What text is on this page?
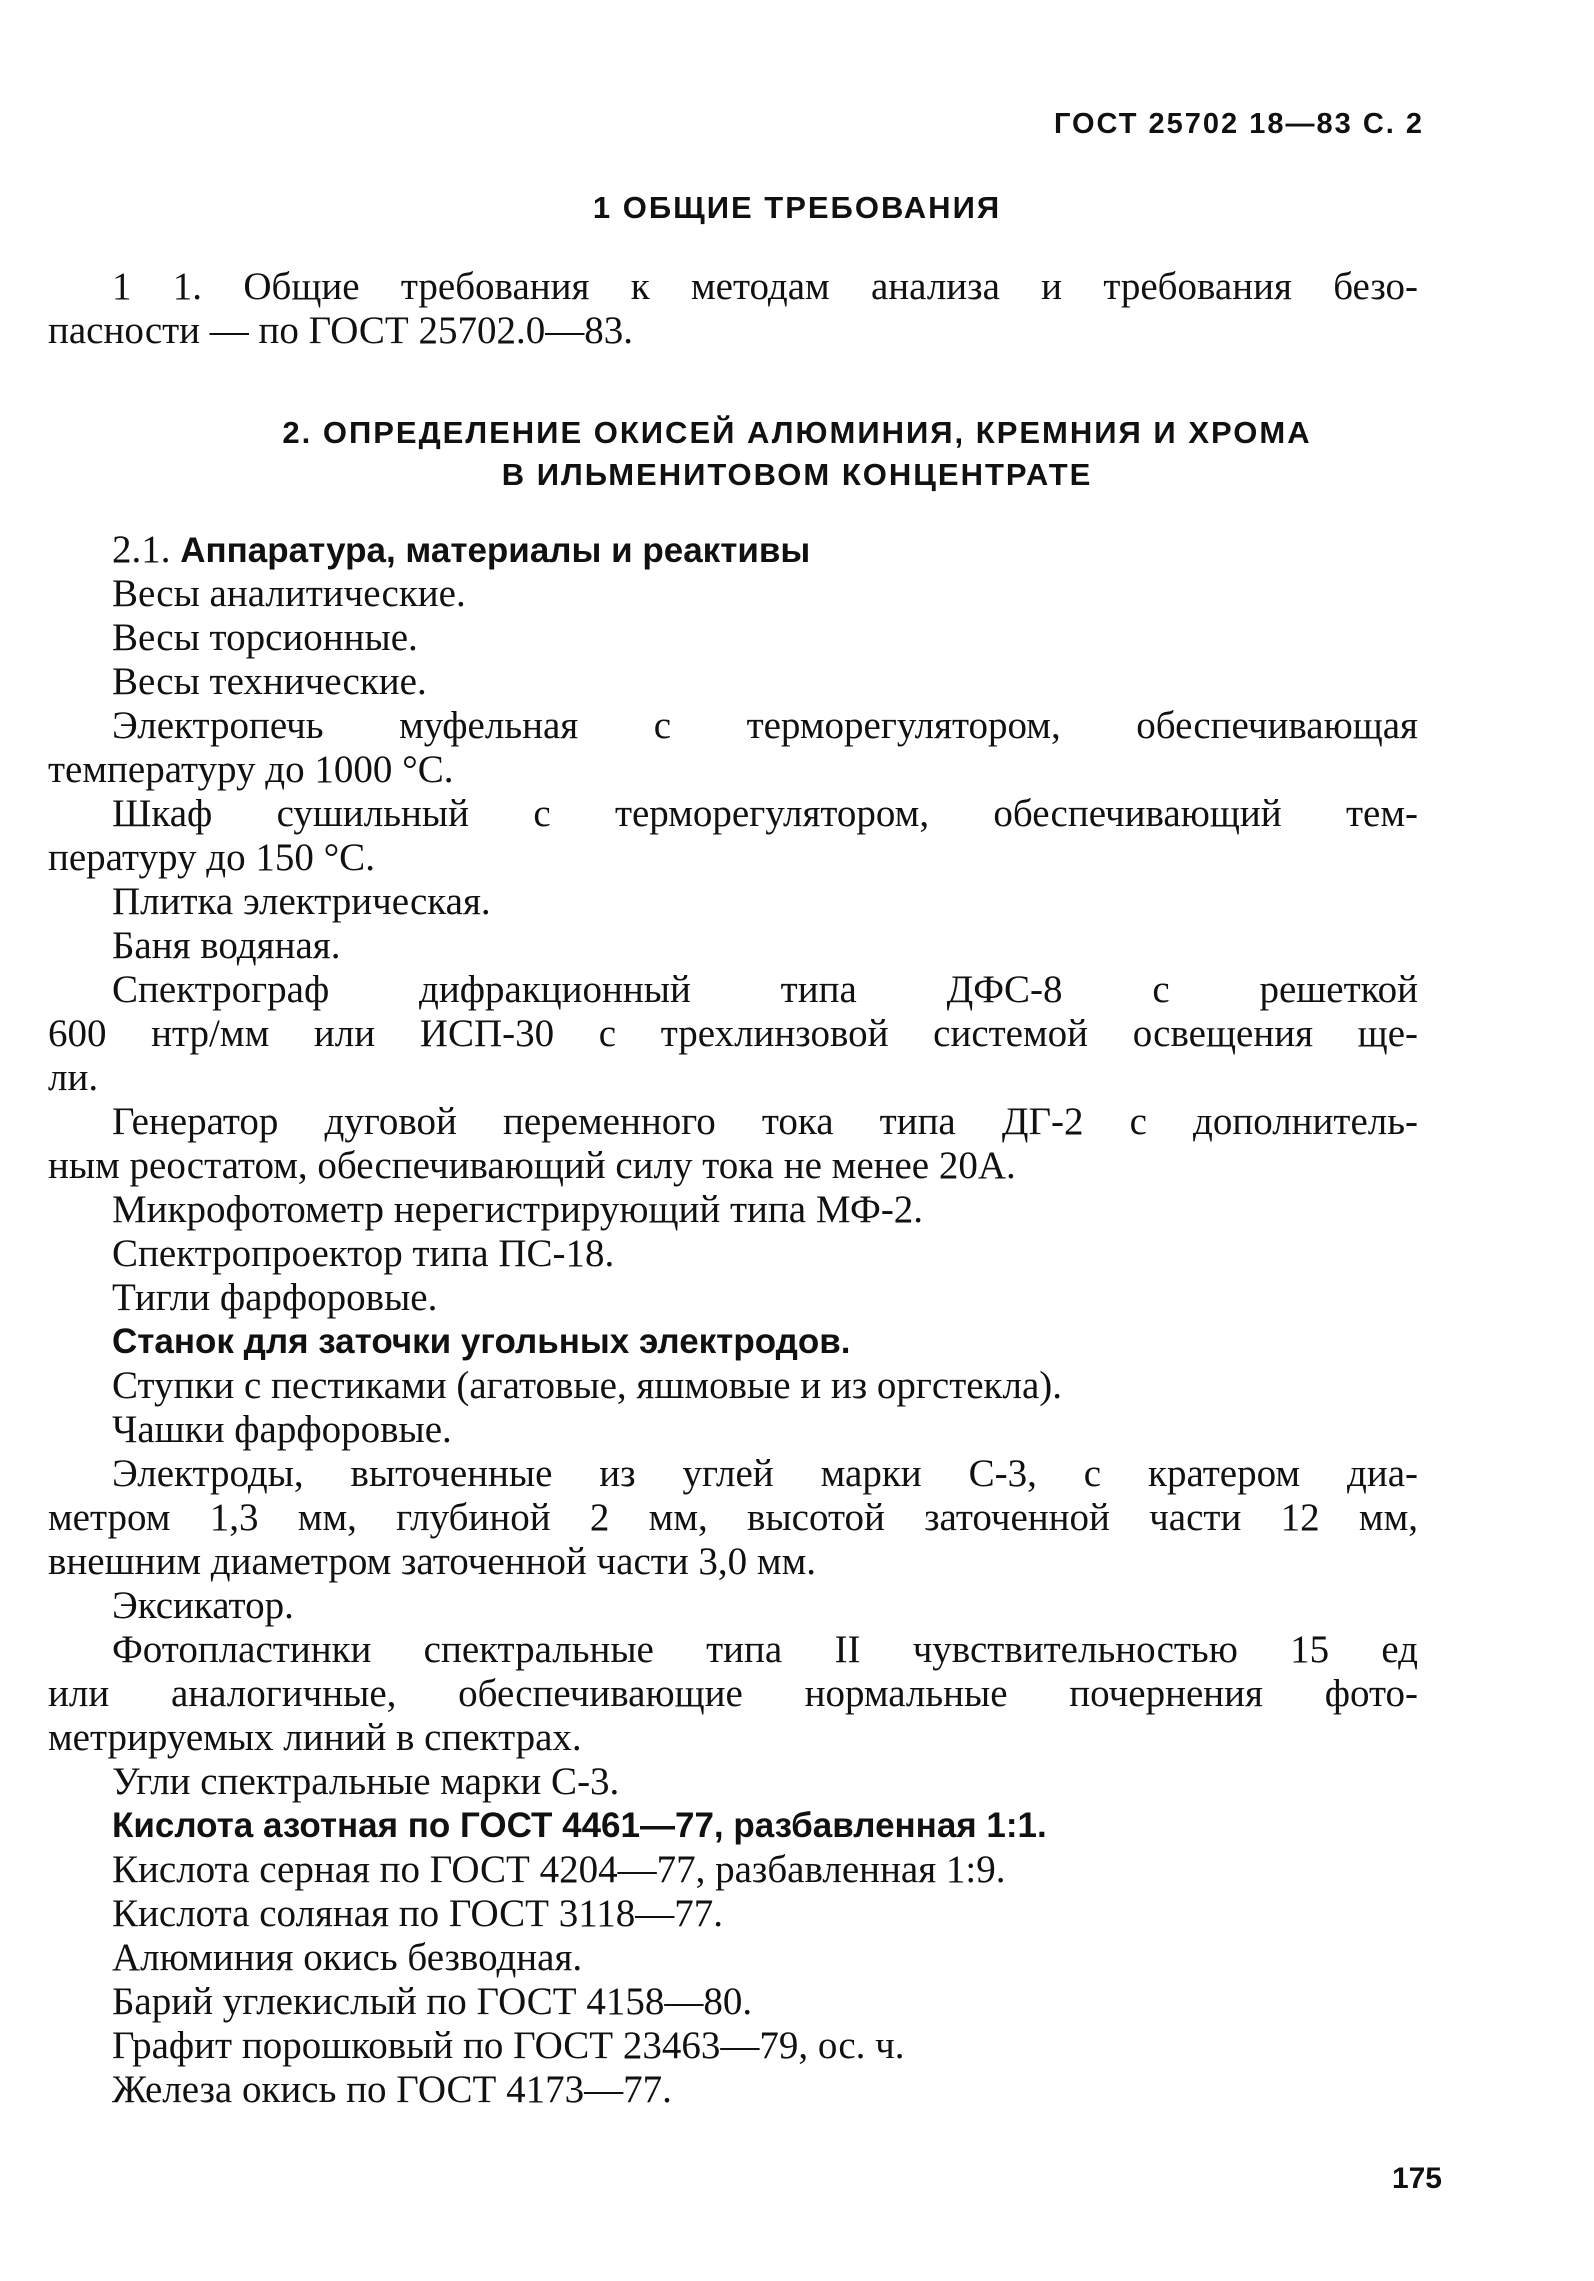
ГОСТ 25702 18—83 С. 2
1 ОБЩИЕ ТРЕБОВАНИЯ
1 1. Общие требования к методам анализа и требования безо-
пасности — по ГОСТ 25702.0—83.
2. ОПРЕДЕЛЕНИЕ ОКИСЕЙ АЛЮМИНИЯ, КРЕМНИЯ И ХРОМА
В ИЛЬМЕНИТОВОМ КОНЦЕНТРАТЕ
2.1. Аппаратура, материалы и реактивы
Весы аналитические.
Весы торсионные.
Весы технические.
Электропечь муфельная с терморегулятором, обеспечивающая
температуру до 1000 °С.
Шкаф сушильный с терморегулятором, обеспечивающий тем-
пературу до 150 °С.
Плитка электрическая.
Баня водяная.
Спектрограф дифракционный типа ДФС-8 с решеткой
600 нтр/мм или ИСП-30 с трехлинзовой системой освещения ще-
ли.
Генератор дуговой переменного тока типа ДГ-2 с дополнитель-
ным реостатом, обеспечивающий силу тока не менее 20А.
Микрофотометр нерегистрирующий типа МФ-2.
Спектропроектор типа ПС-18.
Тигли фарфоровые.
Станок для заточки угольных электродов.
Ступки с пестиками (агатовые, яшмовые и из оргстекла).
Чашки фарфоровые.
Электроды, выточенные из углей марки С-3, с кратером диа-
метром 1,3 мм, глубиной 2 мм, высотой заточенной части 12 мм,
внешним диаметром заточенной части 3,0 мм.
Эксикатор.
Фотопластинки спектральные типа II чувствительностью 15 ед
или аналогичные, обеспечивающие нормальные почернения фото-
метрируемых линий в спектрах.
Угли спектральные марки С-3.
Кислота азотная по ГОСТ 4461—77, разбавленная 1:1.
Кислота серная по ГОСТ 4204—77, разбавленная 1:9.
Кислота соляная по ГОСТ 3118—77.
Алюминия окись безводная.
Барий углекислый по ГОСТ 4158—80.
Графит порошковый по ГОСТ 23463—79, ос. ч.
Железа окись по ГОСТ 4173—77.
175
